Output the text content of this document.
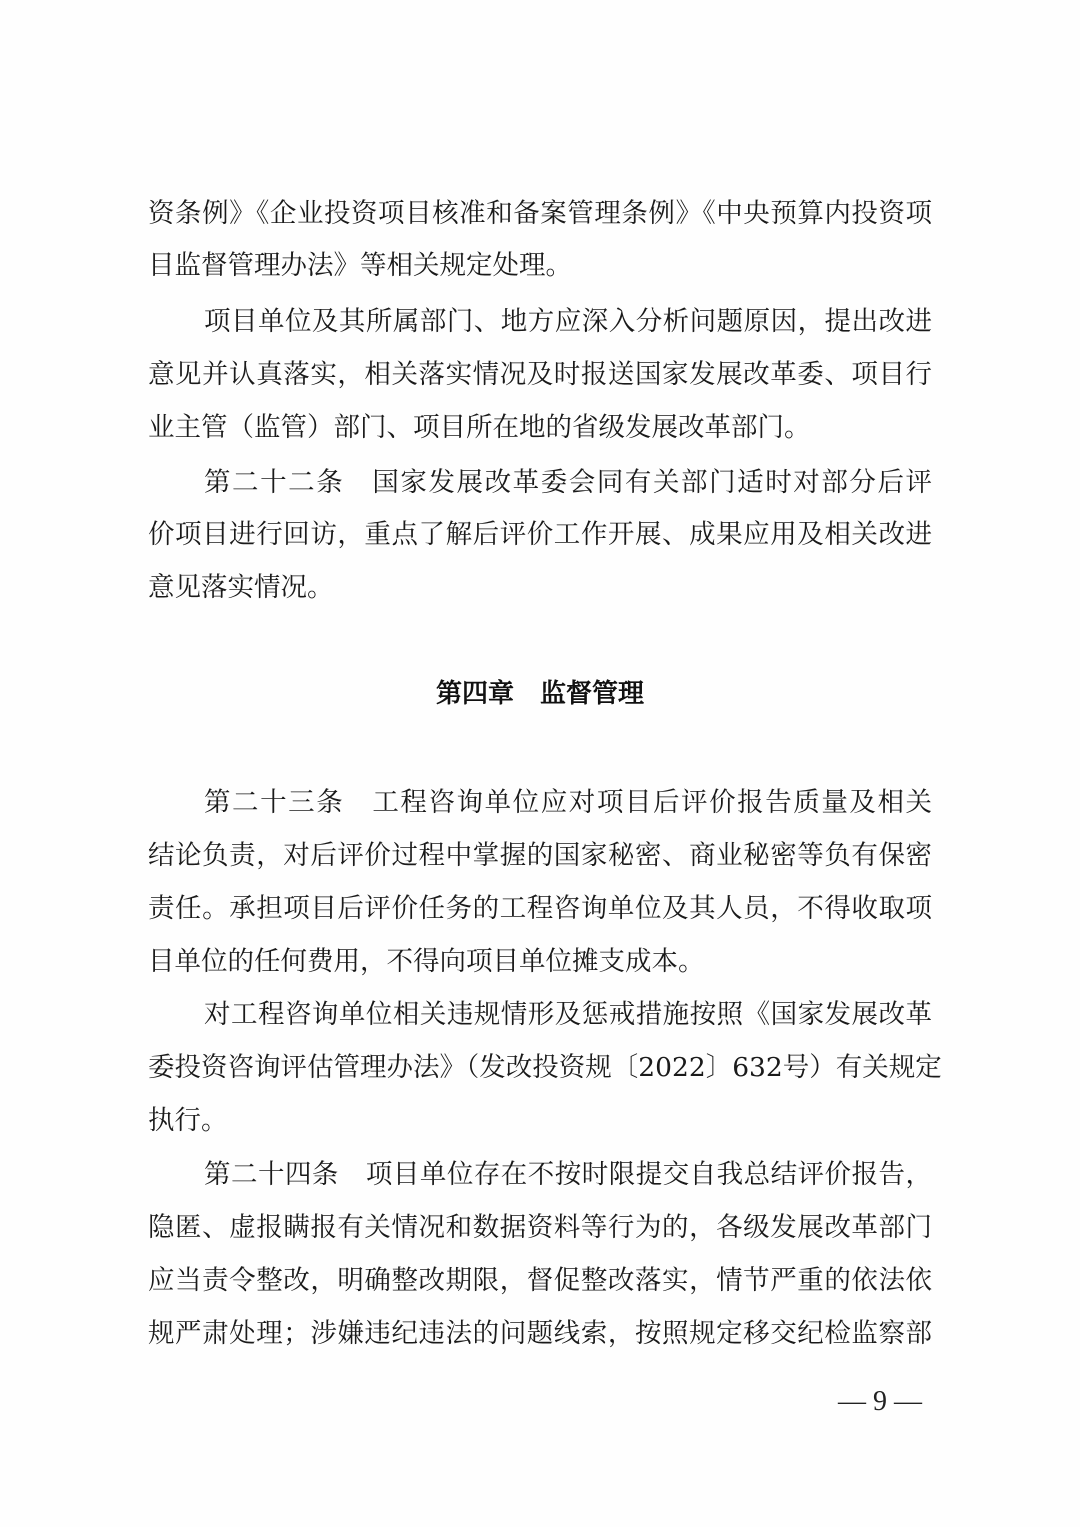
资条例》《企业投资项目核准和备案管理条例》《中央预算内投资项
目监督管理办法》等相关规定处理。
项目单位及其所属部门、地方应深入分析问题原因，提出改进
意见并认真落实，相关落实情况及时报送国家发展改革委、项目行
业主管（监管）部门、项目所在地的省级发展改革部门。
第二十二条　国家发展改革委会同有关部门适时对部分后评
价项目进行回访，重点了解后评价工作开展、成果应用及相关改进
意见落实情况。
第四章　监督管理
第二十三条　工程咨询单位应对项目后评价报告质量及相关
结论负责，对后评价过程中掌握的国家秘密、商业秘密等负有保密
责任。承担项目后评价任务的工程咨询单位及其人员，不得收取项
目单位的任何费用，不得向项目单位摊支成本。
对工程咨询单位相关违规情形及惩戒措施按照《国家发展改革
委投资咨询评估管理办法》（发改投资规〔2022〕632号）有关规定
执行。
第二十四条　项目单位存在不按时限提交自我总结评价报告，
隐匿、虚报瞒报有关情况和数据资料等行为的，各级发展改革部门
应当责令整改，明确整改期限，督促整改落实，情节严重的依法依
规严肃处理；涉嫌违纪违法的问题线索，按照规定移交纪检监察部
— 9 —
